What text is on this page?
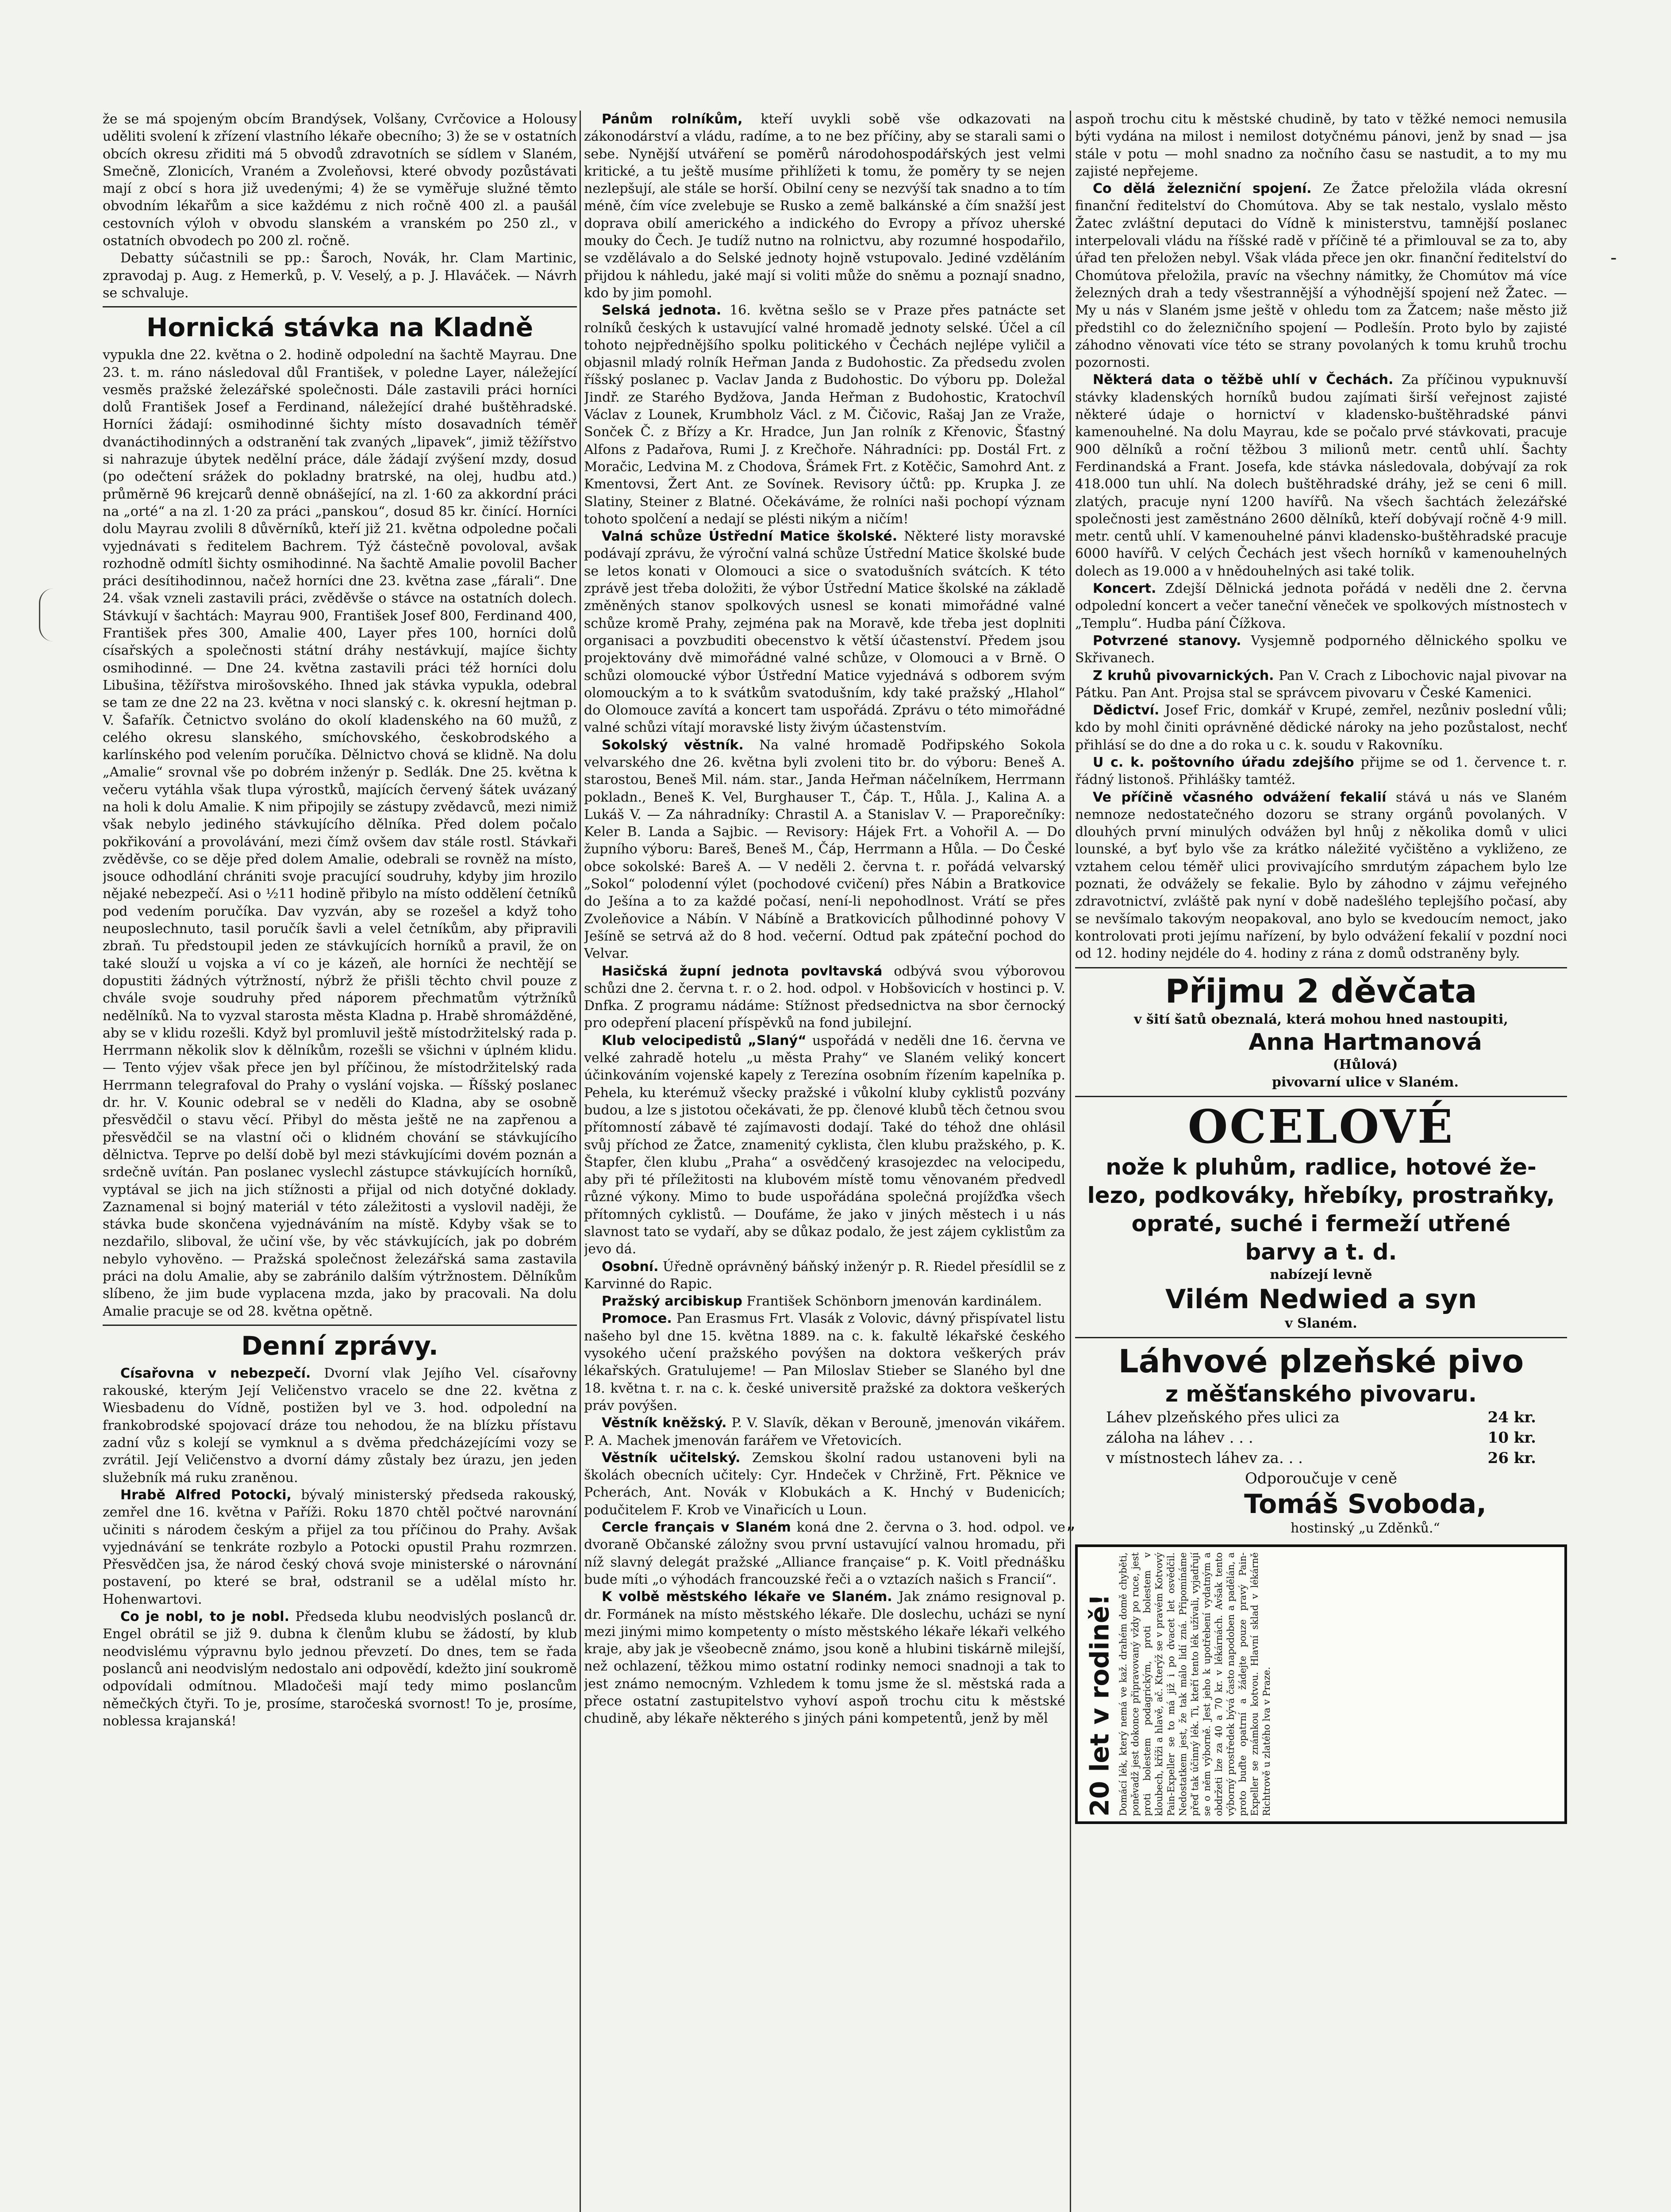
že se má spojeným obcím Brandýsek, Volšany, Cvrčovice a Holousy uděliti svolení k zřízení vlastního lékaře obecního; 3) že se v ostatních obcích okresu zřiditi má 5 obvodů zdravotních se sídlem v Slaném, Smečně, Zlonicích, Vraném a Zvoleňovsi, které obvody pozůstávati mají z obcí s hora již uvedenými; 4) že se vyměřuje služné těmto obvodním lékařům a sice každému z nich ročně 400 zl. a paušál cestovních výloh v obvodu slanském a vranském po 250 zl., v ostatních obvodech po 200 zl. ročně.

Debatty súčastnili se pp.: Šaroch, Novák, hr. Clam Martinic, zpravodaj p. Aug. z Hemerků, p. V. Veselý, a p. J. Hlaváček. — Návrh se schvaluje.

Hornická stávka na Kladně

vypukla dne 22. května o 2. hodině odpolední na šachtě Mayrau. Dne 23. t. m. ráno následoval důl František, v poledne Layer, náležející vesměs pražské železářské společnosti. Dále zastavili práci horníci dolů František Josef a Ferdinand, náležející drahé buštěhradské. Horníci žádají: osmihodinné šichty místo dosavadních téměř dvanáctihodinných a odstranění tak zvaných „lipavek“, jimiž těžířstvo si nahrazuje úbytek nedělní práce, dále žádají zvýšení mzdy, dosud (po odečtení srážek do pokladny bratrské, na olej, hudbu atd.) průměrně 96 krejcarů denně obnášející, na zl. 1·60 za akkordní práci na „orté“ a na zl. 1·20 za práci „panskou“, dosud 85 kr. činící. Horníci dolu Mayrau zvolili 8 důvěrníků, kteří již 21. května odpoledne počali vyjednávati s ředitelem Bachrem. Týž částečně povoloval, avšak rozhodně odmítl šichty osmihodinné. Na šachtě Amalie povolil Bacher práci desítihodinnou, načež horníci dne 23. května zase „fárali“. Dne 24. však vzneli zastavili práci, zvěděvše o stávce na ostatních dolech. Stávkují v šachtách: Mayrau 900, František Josef 800, Ferdinand 400, František přes 300, Amalie 400, Layer přes 100, horníci dolů císařských a společnosti státní dráhy nestávkují, majíce šichty osmihodinné. — Dne 24. května zastavili práci též horníci dolu Libušina, těžířstva mirošovského. Ihned jak stávka vypukla, odebral se tam ze dne 22 na 23. května v noci slanský c. k. okresní hejtman p. V. Šafařík. Četnictvo svoláno do okolí kladenského na 60 mužů, z celého okresu slanského, smíchovského, českobrodského a karlínského pod velením poručíka. Dělnictvo chová se klidně. Na dolu „Amalie“ srovnal vše po dobrém inženýr p. Sedlák. Dne 25. května k večeru vytáhla však tlupa výrostků, majících červený šátek uvázaný na holi k dolu Amalie. K nim připojily se zástupy zvědavců, mezi nimiž však nebylo jediného stávkujícího dělníka. Před dolem počalo pokřikování a provolávání, mezi čímž ovšem dav stále rostl. Stávkaři zvěděvše, co se děje před dolem Amalie, odebrali se rovněž na místo, jsouce odhodlání chrániti svoje pracující soudruhy, kdyby jim hrozilo nějaké nebezpečí. Asi o ½11 hodině přibylo na místo oddělení četníků pod vedením poručíka. Dav vyzván, aby se rozešel a když toho neuposlechnuto, tasil poručík šavli a velel četníkům, aby připravili zbraň. Tu předstoupil jeden ze stávkujících horníků a pravil, že on také slouží u vojska a ví co je kázeň, ale horníci že nechtějí se dopustiti žádných výtržností, nýbrž že přišli těchto chvil pouze z chvále svoje soudruhy před náporem přechmatům výtržníků nedělníků. Na to vyzval starosta města Kladna p. Hrabě shromážděné, aby se v klidu rozešli. Když byl promluvil ještě místodržitelský rada p. Herrmann několik slov k dělníkům, rozešli se všichni v úplném klidu. — Tento výjev však přece jen byl příčinou, že místodržitelský rada Herrmann telegrafoval do Prahy o vyslání vojska. — Říšský poslanec dr. hr. V. Kounic odebral se v neděli do Kladna, aby se osobně přesvědčil o stavu věcí. Přibyl do města ještě ne na zapřenou a přesvědčil se na vlastní oči o klidném chování se stávkujícího dělnictva. Teprve po delší době byl mezi stávkujícími dovém poznán a srdečně uvítán. Pan poslanec vyslechl zástupce stávkujících horníků, vyptával se jich na jich stížnosti a přijal od nich dotyčné doklady. Zaznamenal si bojný materiál v této záležitosti a vyslovil naději, že stávka bude skončena vyjednáváním na místě. Kdyby však se to nezdařilo, sliboval, že učiní vše, by věc stávkujících, jak po dobrém nebylo vyhověno. — Pražská společnost železářská sama zastavila práci na dolu Amalie, aby se zabránilo dalším výtržnostem. Dělníkům slíbeno, že jim bude vyplacena mzda, jako by pracovali. Na dolu Amalie pracuje se od 28. května opětně.

Denní zprávy.

Císařovna v nebezpečí. Dvorní vlak Jejího Vel. císařovny rakouské, kterým Její Veličenstvo vracelo se dne 22. května z Wiesbadenu do Vídně, postižen byl ve 3. hod. odpolední na frankobrodské spojovací dráze tou nehodou, že na blízku přístavu zadní vůz s kolejí se vymknul a s dvěma předcházejícími vozy se zvrátil. Její Veličenstvo a dvorní dámy zůstaly bez úrazu, jen jeden služebník má ruku zraněnou.

Hrabě Alfred Potocki, bývalý ministerský předseda rakouský, zemřel dne 16. května v Paříži. Roku 1870 chtěl počtvé narovnání učiniti s národem českým a přijel za tou příčinou do Prahy. Avšak vyjednávání se tenkráte rozbylo a Potocki opustil Prahu rozmrzen. Přesvědčen jsa, že národ český chová svoje ministerské o nárovnání postavení, po které se brał, odstranil se a udělal místo hr. Hohenwartovi.

Co je nobl, to je nobl. Předseda klubu neodvislých poslanců dr. Engel obrátil se již 9. dubna k členům klubu se žádostí, by klub neodvislému výpravnu bylo jednou převzetí. Do dnes, tem se řada poslanců ani neodvislým nedostalo ani odpovědí, kdežto jiní soukromě odpovídali odmítnou. Mladočeši mají tedy mimo poslancům němečkých čtyři. To je, prosíme, staročeská svornost! To je, prosíme, noblessa krajanská!

Pánům rolníkům, kteří uvykli sobě vše odkazovati na zákonodárství a vládu, radíme, a to ne bez příčiny, aby se starali sami o sebe. Nynější utváření se poměrů národohospodářských jest velmi kritické, a tu ještě musíme přihlížeti k tomu, že poměry ty se nejen nezlepšují, ale stále se horší. Obilní ceny se nezvýší tak snadno a to tím méně, čím více zvelebuje se Rusko a země balkánské a čím snažší jest doprava obilí amerického a indického do Evropy a přívoz uherské mouky do Čech. Je tudíž nutno na rolnictvu, aby rozumné hospodařilo, se vzdělávalo a do Selské jednoty hojně vstupovalo. Jediné vzděláním přijdou k náhledu, jaké mají si voliti může do sněmu a poznají snadno, kdo by jim pomohl.

Selská jednota. 16. května sešlo se v Praze přes patnácte set rolníků českých k ustavující valné hromadě jednoty selské. Účel a cíl tohoto nejpřednějšího spolku politického v Čechách nejlépe vyličil a objasnil mladý rolník Heřman Janda z Budohostic. Za předsedu zvolen říšský poslanec p. Vaclav Janda z Budohostic. Do výboru pp. Doležal Jindř. ze Starého Bydžova, Janda Heřman z Budohostic, Kratochvíl Václav z Lounek, Krumbholz Václ. z M. Čičovic, Rašaj Jan ze Vraže, Sonček Č. z Břízy a Kr. Hradce, Jun Jan rolník z Křenovic, Šťastný Alfons z Padařova, Rumi J. z Krečhoře. Náhradníci: pp. Dostál Frt. z Moračic, Ledvina M. z Chodova, Šrámek Frt. z Kotěčic, Samohrd Ant. z Kmentovsi, Žert Ant. ze Sovínek. Revisory účtů: pp. Krupka J. ze Slatiny, Steiner z Blatné. Očekáváme, že rolníci naši pochopí význam tohoto spolčení a nedají se plésti nikým a ničím!

Valná schůze Ústřední Matice školské. Některé listy moravské podávají zprávu, že výroční valná schůze Ústřední Matice školské bude se letos konati v Olomouci a sice o svatodušních svátcích. K této zprávě jest třeba doložiti, že výbor Ústřední Matice školské na základě změněných stanov spolkových usnesl se konati mimořádné valné schůze kromě Prahy, zejména pak na Moravě, kde třeba jest doplniti organisaci a povzbuditi obecenstvo k větší účastenství. Předem jsou projektovány dvě mimořádné valné schůze, v Olomouci a v Brně. O schůzi olomoucké výbor Ústřední Matice vyjednává s odborem svým olomouckým a to k svátkům svatodušním, kdy také pražský „Hlahol“ do Olomouce zavítá a koncert tam uspořádá. Zprávu o této mimořádné valné schůzi vítají moravské listy živým účastenstvím.

Sokolský věstník. Na valné hromadě Podřipského Sokola velvarského dne 26. května byli zvoleni tito br. do výboru: Beneš A. starostou, Beneš Mil. nám. star., Janda Heřman náčelníkem, Herrmann pokladn., Beneš K. Vel, Burghauser T., Čáp. T., Hůla. J., Kalina A. a Lukáš V. — Za náhradníky: Chrastil A. a Stanislav V. — Praporečníky: Keler B. Landa a Sajbic. — Revisory: Hájek Frt. a Vohořil A. — Do župního výboru: Bareš, Beneš M., Čáp, Herrmann a Hůla. — Do České obce sokolské: Bareš A. — V neděli 2. června t. r. pořádá velvarský „Sokol“ polodenní výlet (pochodové cvičení) přes Nábin a Bratkovice do Ješína a to za každé počasí, není-li nepohodlnost. Vrátí se přes Zvoleňovice a Nábín. V Nábíně a Bratkovicích půlhodinné pohovy V Ješíně se setrvá až do 8 hod. večerní. Odtud pak zpáteční pochod do Velvar.

Hasičská župní jednota povltavská odbývá svou výborovou schůzi dne 2. června t. r. o 2. hod. odpol. v Hobšovicích v hostinci p. V. Dnfka. Z programu nádáme: Stížnost předsednictva na sbor černocký pro odepření placení příspěvků na fond jubilejní.

Klub velocipedistů „Slaný“ uspořádá v neděli dne 16. června ve velké zahradě hotelu „u města Prahy“ ve Slaném veliký koncert účinkováním vojenské kapely z Terezína osobním řízením kapelníka p. Pehela, ku kterémuž všecky pražské i vůkolní kluby cyklistů pozvány budou, a lze s jistotou očekávati, že pp. členové klubů těch četnou svou přítomností zábavě té zajímavosti dodají. Také do téhož dne ohlásil svůj příchod ze Žatce, znamenitý cyklista, člen klubu pražského, p. K. Štapfer, člen klubu „Praha“ a osvědčený krasojezdec na velocipedu, aby při té příležitosti na klubovém místě tomu věnovaném předvedl různé výkony. Mimo to bude uspořádána společná projížďka všech přítomných cyklistů. — Doufáme, že jako v jiných městech i u nás slavnost tato se vydaří, aby se důkaz podalo, že jest zájem cyklistům za jevo dá.

Osobní. Úředně oprávněný báňský inženýr p. R. Riedel přesídlil se z Karvinné do Rapic.

Pražský arcibiskup František Schönborn jmenován kardinálem.

Promoce. Pan Erasmus Frt. Vlasák z Volovic, dávný přispívatel listu našeho byl dne 15. května 1889. na c. k. fakultě lékařské českého vysokého učení pražského povýšen na doktora veškerých práv lékařských. Gratulujeme! — Pan Miloslav Stieber se Slaného byl dne 18. května t. r. na c. k. české universitě pražské za doktora veškerých práv povýšen.

Věstník kněžský. P. V. Slavík, děkan v Berouně, jmenován vikářem. P. A. Machek jmenován farářem ve Vřetovicích.

Věstník učitelský. Zemskou školní radou ustanoveni byli na školách obecních učitely: Cyr. Hndeček v Chržině, Frt. Pěknice ve Pcherách, Ant. Novák v Klobukách a K. Hnchý v Budenicích; podučitelem F. Krob ve Vinařicích u Loun.

Cercle français v Slaném koná dne 2. června o 3. hod. odpol. ve dvoraně Občanské záložny svou první ustavující valnou hromadu, při níž slavný delegát pražské „Alliance française“ p. K. Voitl přednášku bude míti „o výhodách francouzské řeči a o vztazích našich s Francií“.

K volbě městského lékaře ve Slaném. Jak známo resignoval p. dr. Formánek na místo městského lékaře. Dle doslechu, ucházi se nyní mezi jinými mimo kompetenty o místo městského lékaře lékaři velkého kraje, aby jak je všeobecně známo, jsou koně a hlubini tiskárně milejší, než ochlazení, těžkou mimo ostatní rodinky nemoci snadnoji a tak to jest známo nemocným. Vzhledem k tomu jsme že sl. městská rada a přece ostatní zastupitelstvo vyhoví aspoň trochu citu k městské chudině, aby lékaře některého s jiných páni kompetentů, jenž by měl

aspoň trochu citu k městské chudině, by tato v těžké nemoci nemusila býti vydána na milost i nemilost dotyčnému pánovi, jenž by snad — jsa stále v potu — mohl snadno za nočního času se nastudit, a to my mu zajisté nepřejeme.

Co dělá železniční spojení. Ze Žatce přeložila vláda okresní finanční ředitelství do Chomútova. Aby se tak nestalo, vyslalo město Žatec zvláštní deputaci do Vídně k ministerstvu, tamnější poslanec interpelovali vládu na říšské radě v příčině té a přimlouval se za to, aby úřad ten přeložen nebyl. Však vláda přece jen okr. finanční ředitelství do Chomútova přeložila, pravíc na všechny námitky, že Chomútov má více železných drah a tedy všestrannější a výhodnější spojení než Žatec. — My u nás v Slaném jsme ještě v ohledu tom za Žatcem; naše město již předstihl co do železničního spojení — Podlešín. Proto bylo by zajisté záhodno věnovati více této se strany povolaných k tomu kruhů trochu pozornosti.

Některá data o těžbě uhlí v Čechách. Za příčinou vypuknuvší stávky kladenských horníků budou zajímati širší veřejnost zajisté některé údaje o hornictví v kladensko-buštěhradské pánvi kamenouhelné. Na dolu Mayrau, kde se počalo prvé stávkovati, pracuje 900 dělníků a roční těžbou 3 milionů metr. centů uhlí. Šachty Ferdinandská a Frant. Josefa, kde stávka následovala, dobývají za rok 418.000 tun uhlí. Na dolech buštěhradské dráhy, jež se ceni 6 mill. zlatých, pracuje nyní 1200 havířů. Na všech šachtách železářské společnosti jest zaměstnáno 2600 dělníků, kteří dobývají ročně 4·9 mill. metr. centů uhlí. V kamenouhelné pánvi kladensko-buštěhradské pracuje 6000 havířů. V celých Čechách jest všech horníků v kamenouhelných dolech as 19.000 a v hnědouhelných asi také tolik.

Koncert. Zdejší Dělnická jednota pořádá v neděli dne 2. června odpolední koncert a večer taneční věneček ve spolkových místnostech v „Templu“. Hudba pání Čížkova.

Potvrzené stanovy. Vysjemně podporného dělnického spolku ve Skřivanech.

Z kruhů pivovarnických. Pan V. Crach z Libochovic najal pivovar na Pátku. Pan Ant. Projsa stal se správcem pivovaru v České Kamenici.

Dědictví. Josef Fric, domkář v Krupé, zemřel, nezůniv poslední vůli; kdo by mohl činiti oprávněné dědické nároky na jeho pozůstalost, nechť přihlásí se do dne a do roka u c. k. soudu v Rakovníku.

U c. k. poštovního úřadu zdejšího přijme se od 1. července t. r. řádný listonoš. Přihlášky tamtéž.

Ve příčině včasného odvážení fekalií stává u nás ve Slaném nemnoze nedostatečného dozoru se strany orgánů povolaných. V dlouhých první minulých odvážen byl hnůj z několika domů v ulici lounské, a byť bylo vše za krátko náležité vyčištěno a vykliženo, ze vztahem celou téměř ulici provivajícího smrdutým zápachem bylo lze poznati, že odvážely se fekalie. Bylo by záhodno v zájmu veřejného zdravotnictví, zvláště pak nyní v době nadešlého teplejšího počasí, aby se nevšímalo takovým neopakoval, ano bylo se kvedoucím nemoct, jako kontrolovati proti jejímu nařízení, by bylo odvážení fekalií v pozdní noci od 12. hodiny nejdéle do 4. hodiny z rána z domů odstraněny byly.

Přijmu 2 děvčata
v šití šatů obeznalá, která mohou hned nastoupiti,
Anna Hartmanová
(Hůlová)
pivovarní ulice v Slaném.
OCELOVÉ
nože k pluhům, radlice, hotové že-
lezo, podkováky, hřebíky, prostraňky,
opraté, suché i fermeží utřené
barvy a t. d.
nabízejí levně
Vilém Nedwied a syn
v Slaném.
Láhvové plzeňské pivo
z měšťanského pivovaru.
Láhev plzeňského přes ulici za	24 kr.
záloha na láhev . . .	10 kr.
v místnostech láhev za. . .	26 kr.
Odporoučuje v ceně
Tomáš Svoboda,
hostinský „u Zděnků.“
20 let v rodině! Domácí lék, který nemá ve kaž. drahém domě chyběti, poněvadž jest dokonce připravovaný vždy po ruce, jest proti bolestem podagrickým, proti bolestem v kloubech, kříži a hlavě, ač. Kterýž se v pravém Kotvový Pain-Expeller se to má již i po dvacet let osvědčil. Nedostatkem jest, že tak málo lidí zná. Připomínáme přeď tak účinný lék. Ti, kteří tento lék užívali, vyjadřují se o něm výborně. Jest jeho k upotřebení vydatným a obdržeti lze za 40 a 70 kr. v lékárnách. Avšak tento výborný prostředek bývá často napodoben a padělán, a proto buďte opatrní a žádejte pouze pravý Pain-Expeller se známkou kotvou. Hlavní sklad v lékárně Richtrově u zlatého lva v Praze.
-
„
